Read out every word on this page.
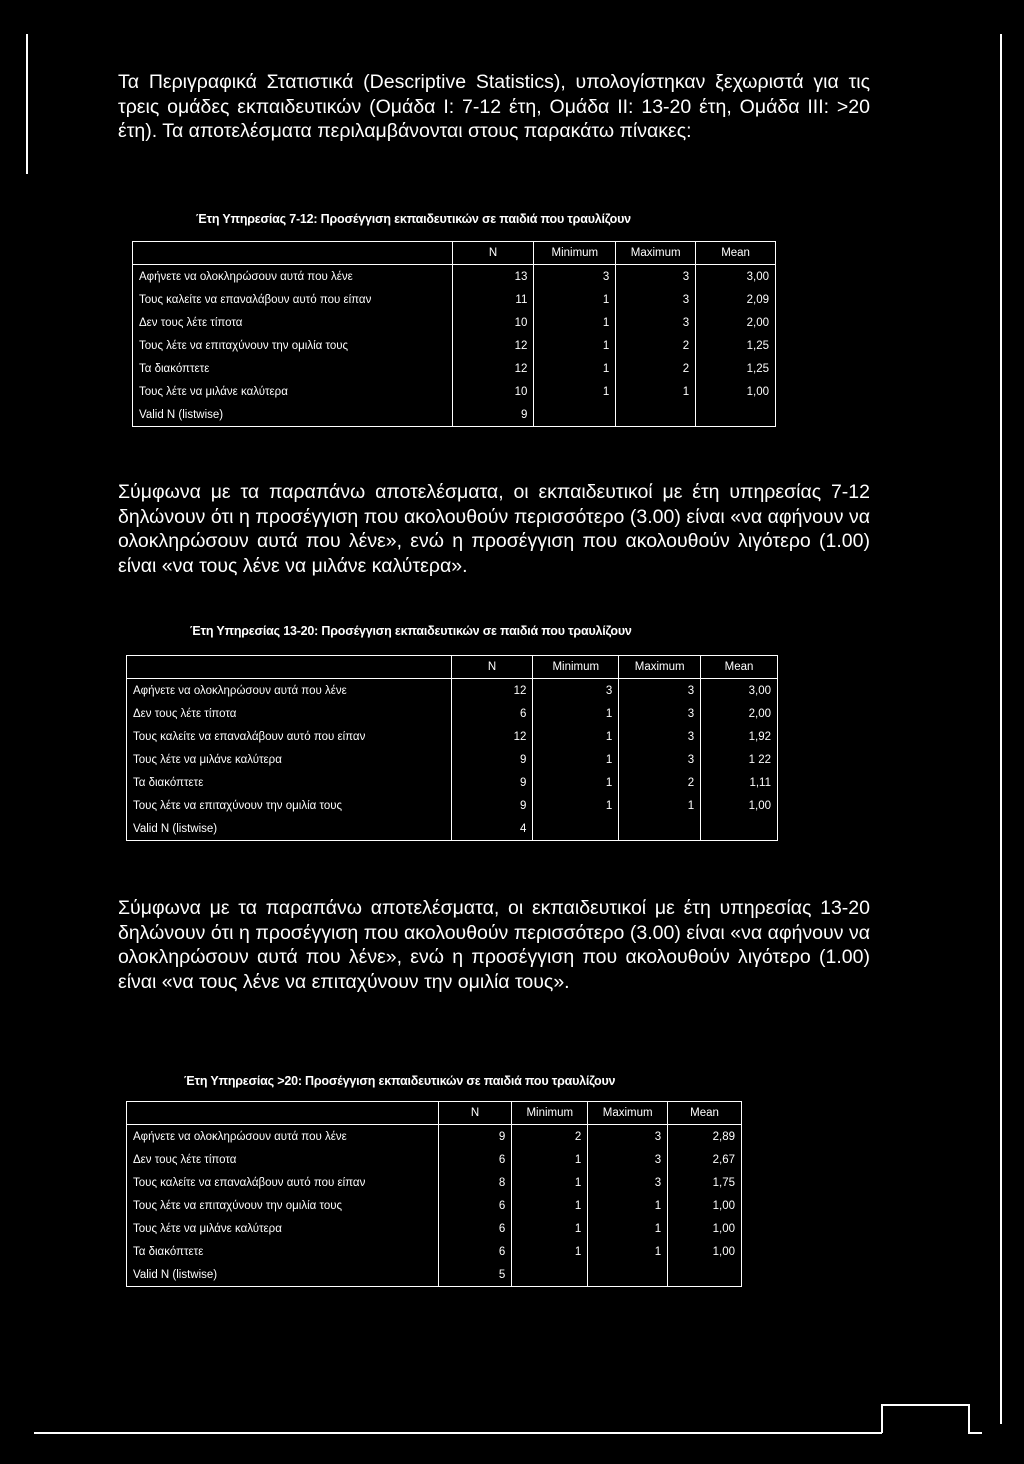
Τα Περιγραφικά Στατιστικά (Descriptive Statistics), υπολογίστηκαν ξεχωριστά για τις τρεις ομάδες εκπαιδευτικών (Ομάδα Ι: 7-12 έτη, Ομάδα ΙΙ: 13-20 έτη, Ομάδα ΙΙΙ: >20 έτη). Τα αποτελέσματα περιλαμβάνονται στους παρακάτω πίνακες:
Έτη Υπηρεσίας 7-12: Προσέγγιση εκπαιδευτικών σε παιδιά που τραυλίζουν
	N	Minimum	Maximum	Mean
Αφήνετε να ολοκληρώσουν αυτά που λένε	13	3	3	3,00
Τους καλείτε να επαναλάβουν αυτό που είπαν	11	1	3	2,09
Δεν τους λέτε τίποτα	10	1	3	2,00
Τους λέτε να επιταχύνουν την ομιλία τους	12	1	2	1,25
Τα διακόπτετε	12	1	2	1,25
Τους λέτε να μιλάνε καλύτερα	10	1	1	1,00
Valid N (listwise)	9			
Σύμφωνα με τα παραπάνω αποτελέσματα, οι εκπαιδευτικοί με έτη υπηρεσίας 7-12 δηλώνουν ότι η προσέγγιση που ακολουθούν περισσότερο (3.00) είναι «να αφήνουν να ολοκληρώσουν αυτά που λένε», ενώ η προσέγγιση που ακολουθούν λιγότερο (1.00) είναι «να τους λένε να μιλάνε καλύτερα».
Έτη Υπηρεσίας 13-20: Προσέγγιση εκπαιδευτικών σε παιδιά που τραυλίζουν
	N	Minimum	Maximum	Mean
Αφήνετε να ολοκληρώσουν αυτά που λένε	12	3	3	3,00
Δεν τους λέτε τίποτα	6	1	3	2,00
Τους καλείτε να επαναλάβουν αυτό που είπαν	12	1	3	1,92
Τους λέτε να μιλάνε καλύτερα	9	1	3	1 22
Τα διακόπτετε	9	1	2	1,11
Τους λέτε να επιταχύνουν την ομιλία τους	9	1	1	1,00
Valid N (listwise)	4			
Σύμφωνα με τα παραπάνω αποτελέσματα, οι εκπαιδευτικοί με έτη υπηρεσίας 13-20 δηλώνουν ότι η προσέγγιση που ακολουθούν περισσότερο (3.00) είναι «να αφήνουν να ολοκληρώσουν αυτά που λένε», ενώ η προσέγγιση που ακολουθούν λιγότερο (1.00) είναι «να τους λένε να επιταχύνουν την ομιλία τους».
Έτη Υπηρεσίας >20: Προσέγγιση εκπαιδευτικών σε παιδιά που τραυλίζουν
	N	Minimum	Maximum	Mean
Αφήνετε να ολοκληρώσουν αυτά που λένε	9	2	3	2,89
Δεν τους λέτε τίποτα	6	1	3	2,67
Τους καλείτε να επαναλάβουν αυτό που είπαν	8	1	3	1,75
Τους λέτε να επιταχύνουν την ομιλία τους	6	1	1	1,00
Τους λέτε να μιλάνε καλύτερα	6	1	1	1,00
Τα διακόπτετε	6	1	1	1,00
Valid N (listwise)	5			
